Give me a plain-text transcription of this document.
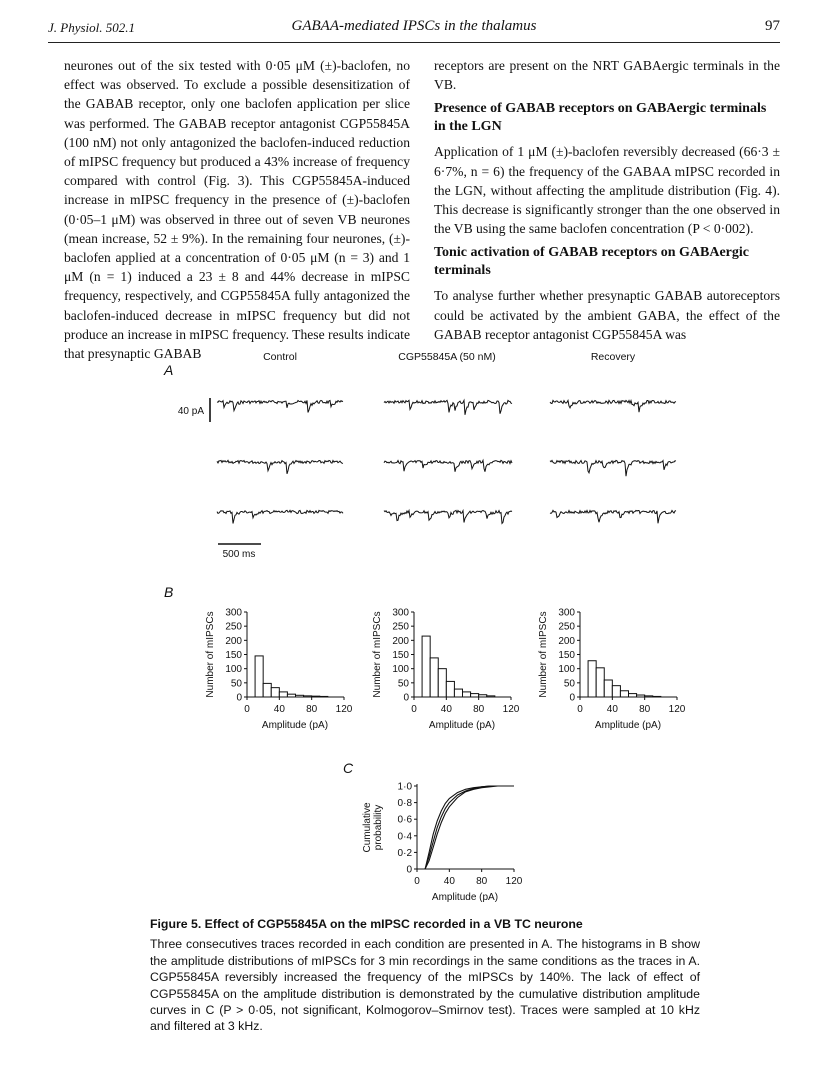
J. Physiol. 502.1	GABAA-mediated IPSCs in the thalamus	97

neurones out of the six tested with 0·05 μM (±)-baclofen, no effect was observed. To exclude a possible desensitization of the GABAB receptor, only one baclofen application per slice was performed. The GABAB receptor antagonist CGP55845A (100 nM) not only antagonized the baclofen-induced reduction of mIPSC frequency but produced a 43% increase of frequency compared with control (Fig. 3). This CGP55845A-induced increase in mIPSC frequency in the presence of (±)-baclofen (0·05–1 μM) was observed in three out of seven VB neurones (mean increase, 52 ± 9%). In the remaining four neurones, (±)-baclofen applied at a concentration of 0·05 μM (n = 3) and 1 μM (n = 1) induced a 23 ± 8 and 44% decrease in mIPSC frequency, respectively, and CGP55845A fully antagonized the baclofen-induced decrease in mIPSC frequency but did not produce an increase in mIPSC frequency. These results indicate that presynaptic GABAB

receptors are present on the NRT GABAergic terminals in the VB.

Presence of GABAB receptors on GABAergic terminals in the LGN

Application of 1 μM (±)-baclofen reversibly decreased (66·3 ± 6·7%, n = 6) the frequency of the GABAA mIPSC recorded in the LGN, without affecting the amplitude distribution (Fig. 4). This decrease is significantly stronger than the one observed in the VB using the same baclofen concentration (P < 0·002).

Tonic activation of GABAB receptors on GABAergic terminals

To analyse further whether presynaptic GABAB autoreceptors could be activated by the ambient GABA, the effect of the GABAB receptor antagonist CGP55845A was

A
Control	CGP55845A (50 nM)	Recovery
40 pA
500 ms
B
0
50
100
150
200
250
300
0 40 80 120
Number of mIPSCs
Amplitude (pA)
0
50
100
150
200
250
300
0 40 80 120
Number of mIPSCs
Amplitude (pA)
0
50
100
150
200
250
300
0 40 80 120
Number of mIPSCs
Amplitude (pA)
C
0
0·2
0·4
0·6
0·8
1·0
0 40 80 120
Cumulative probability
Amplitude (pA)
Figure 5. Effect of CGP55845A on the mIPSC recorded in a VB TC neurone
Three consecutives traces recorded in each condition are presented in A. The histograms in B show the amplitude distributions of mIPSCs for 3 min recordings in the same conditions as the traces in A. CGP55845A reversibly increased the frequency of the mIPSCs by 140%. The lack of effect of CGP55845A on the amplitude distribution is demonstrated by the cumulative distribution amplitude curves in C (P > 0·05, not significant, Kolmogorov–Smirnov test). Traces were sampled at 10 kHz and filtered at 3 kHz.
